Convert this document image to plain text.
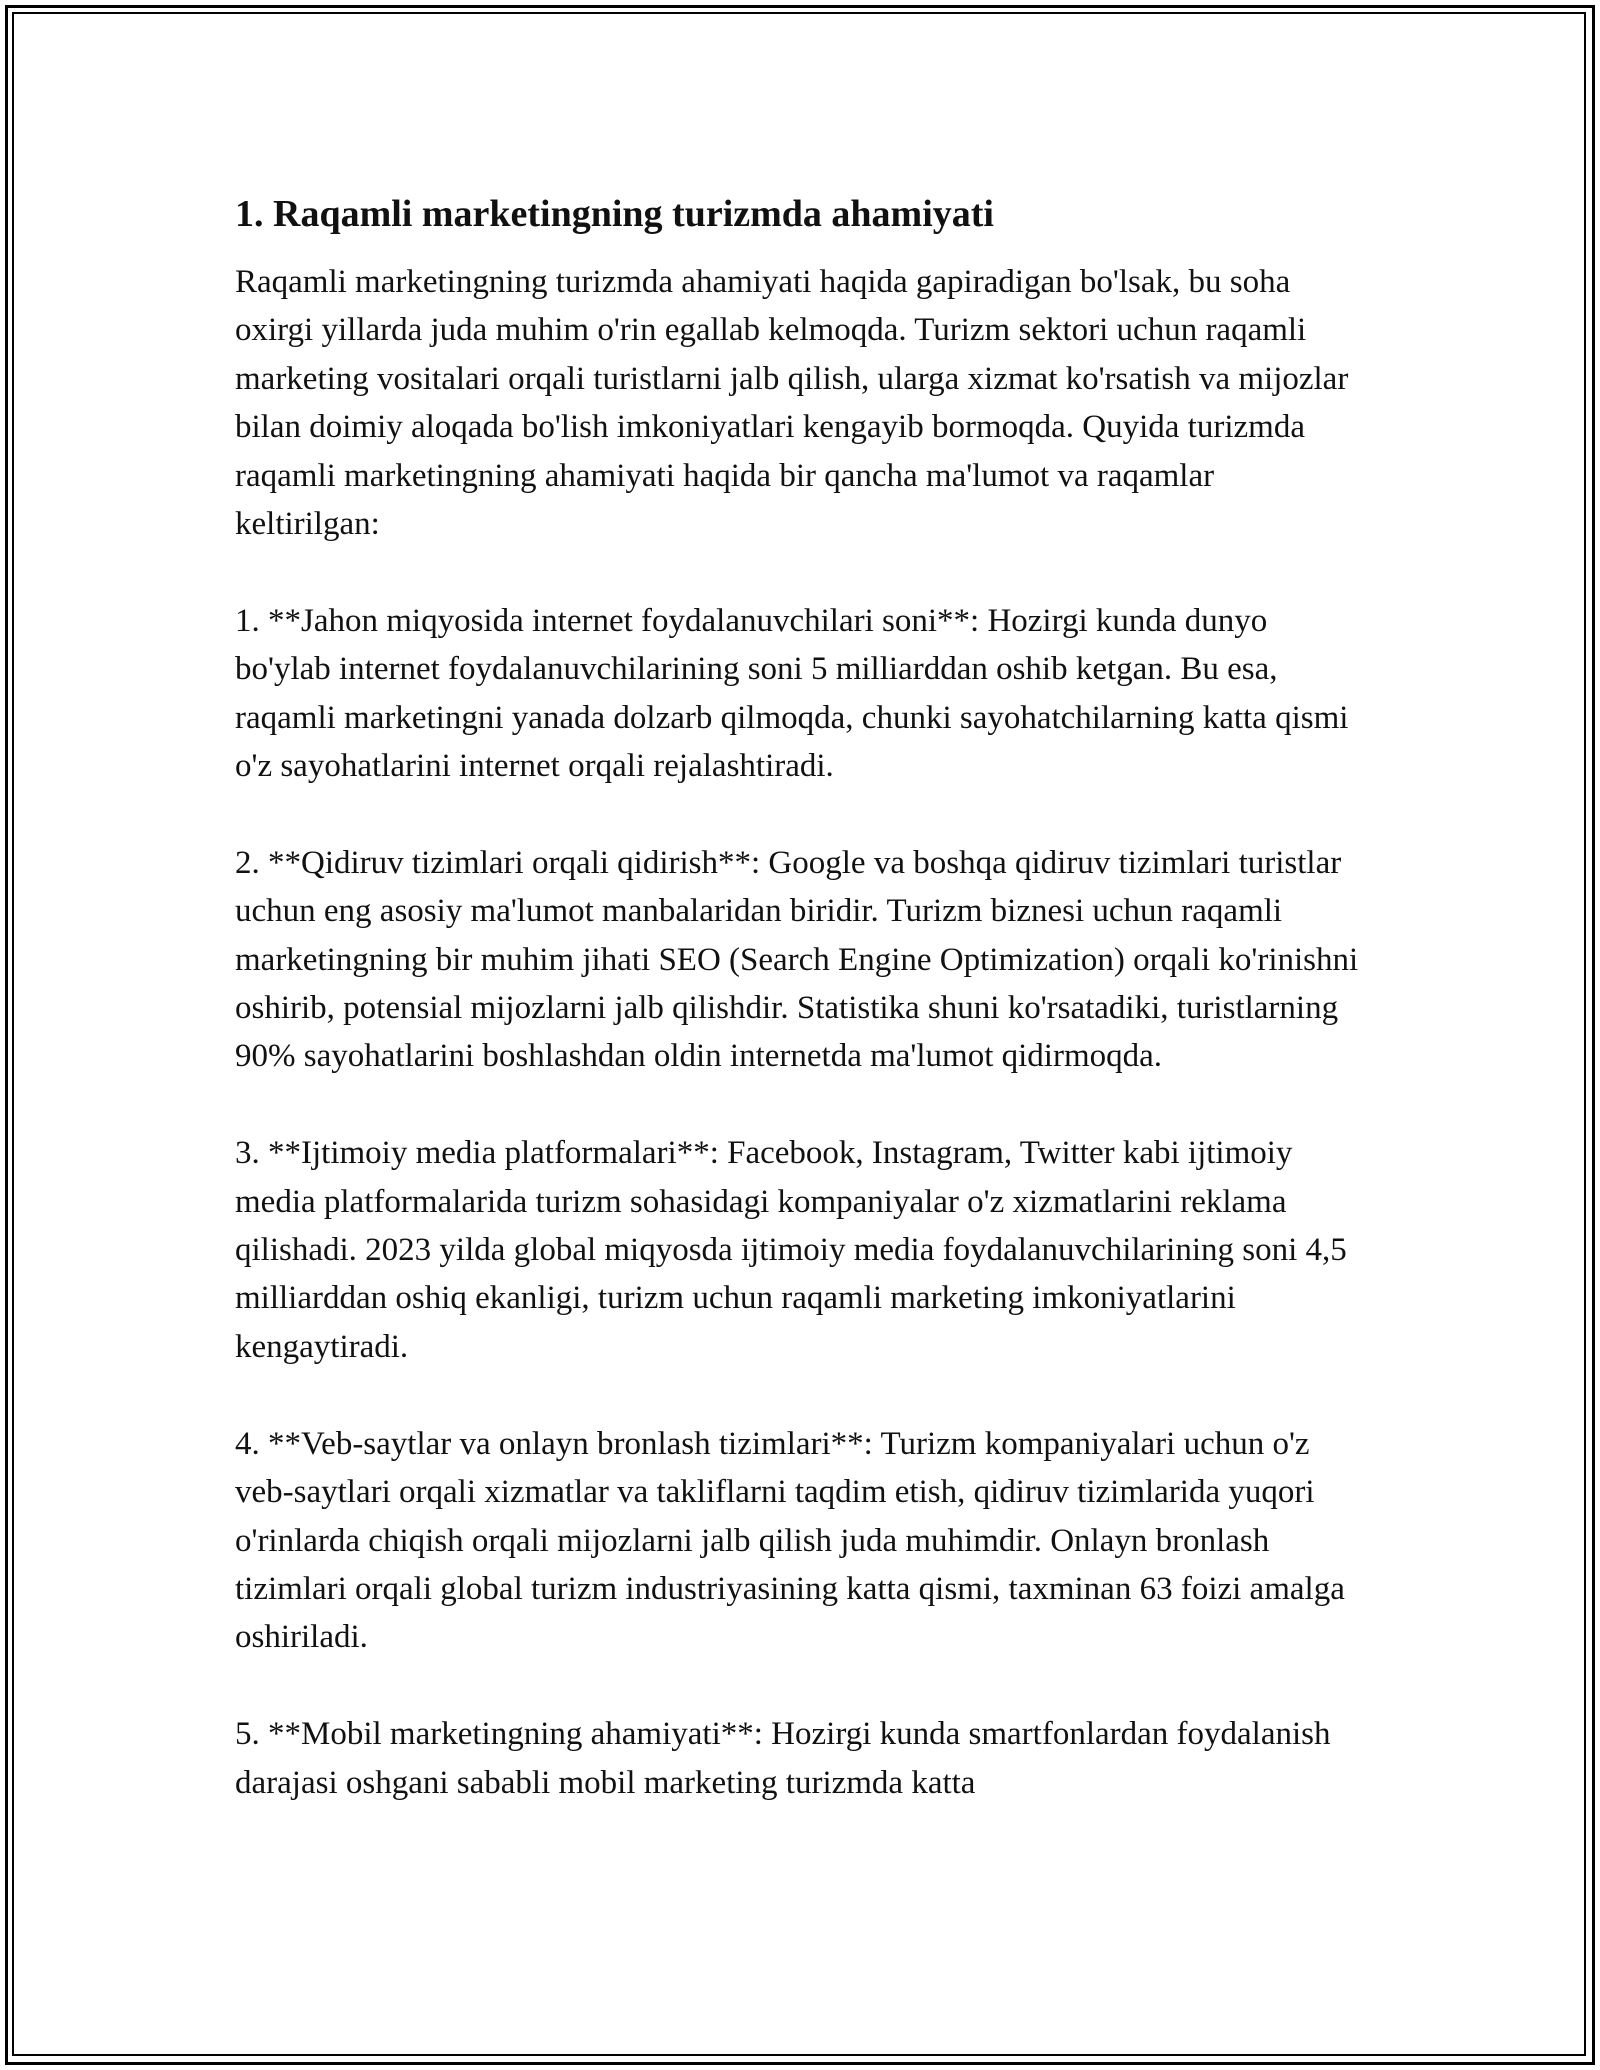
1. Raqamli marketingning turizmda ahamiyati

Raqamli marketingning turizmda ahamiyati haqida gapiradigan bo'lsak, bu soha oxirgi yillarda juda muhim o'rin egallab kelmoqda. Turizm sektori uchun raqamli marketing vositalari orqali turistlarni jalb qilish, ularga xizmat ko'rsatish va mijozlar bilan doimiy aloqada bo'lish imkoniyatlari kengayib bormoqda. Quyida turizmda raqamli marketingning ahamiyati haqida bir qancha ma'lumot va raqamlar keltirilgan:

1. **Jahon miqyosida internet foydalanuvchilari soni**: Hozirgi kunda dunyo bo'ylab internet foydalanuvchilarining soni 5 milliarddan oshib ketgan. Bu esa, raqamli marketingni yanada dolzarb qilmoqda, chunki sayohatchilarning katta qismi o'z sayohatlarini internet orqali rejalashtiradi.

2. **Qidiruv tizimlari orqali qidirish**: Google va boshqa qidiruv tizimlari turistlar uchun eng asosiy ma'lumot manbalaridan biridir. Turizm biznesi uchun raqamli marketingning bir muhim jihati SEO (Search Engine Optimization) orqali ko'rinishni oshirib, potensial mijozlarni jalb qilishdir. Statistika shuni ko'rsatadiki, turistlarning 90% sayohatlarini boshlashdan oldin internetda ma'lumot qidirmoqda.

3. **Ijtimoiy media platformalari**: Facebook, Instagram, Twitter kabi ijtimoiy media platformalarida turizm sohasidagi kompaniyalar o'z xizmatlarini reklama qilishadi. 2023 yilda global miqyosda ijtimoiy media foydalanuvchilarining soni 4,5 milliarddan oshiq ekanligi, turizm uchun raqamli marketing imkoniyatlarini kengaytiradi.

4. **Veb-saytlar va onlayn bronlash tizimlari**: Turizm kompaniyalari uchun o'z veb-saytlari orqali xizmatlar va takliflarni taqdim etish, qidiruv tizimlarida yuqori o'rinlarda chiqish orqali mijozlarni jalb qilish juda muhimdir. Onlayn bronlash tizimlari orqali global turizm industriyasining katta qismi, taxminan 63 foizi amalga oshiriladi.

5. **Mobil marketingning ahamiyati**: Hozirgi kunda smartfonlardan foydalanish darajasi oshgani sababli mobil marketing turizmda katta
